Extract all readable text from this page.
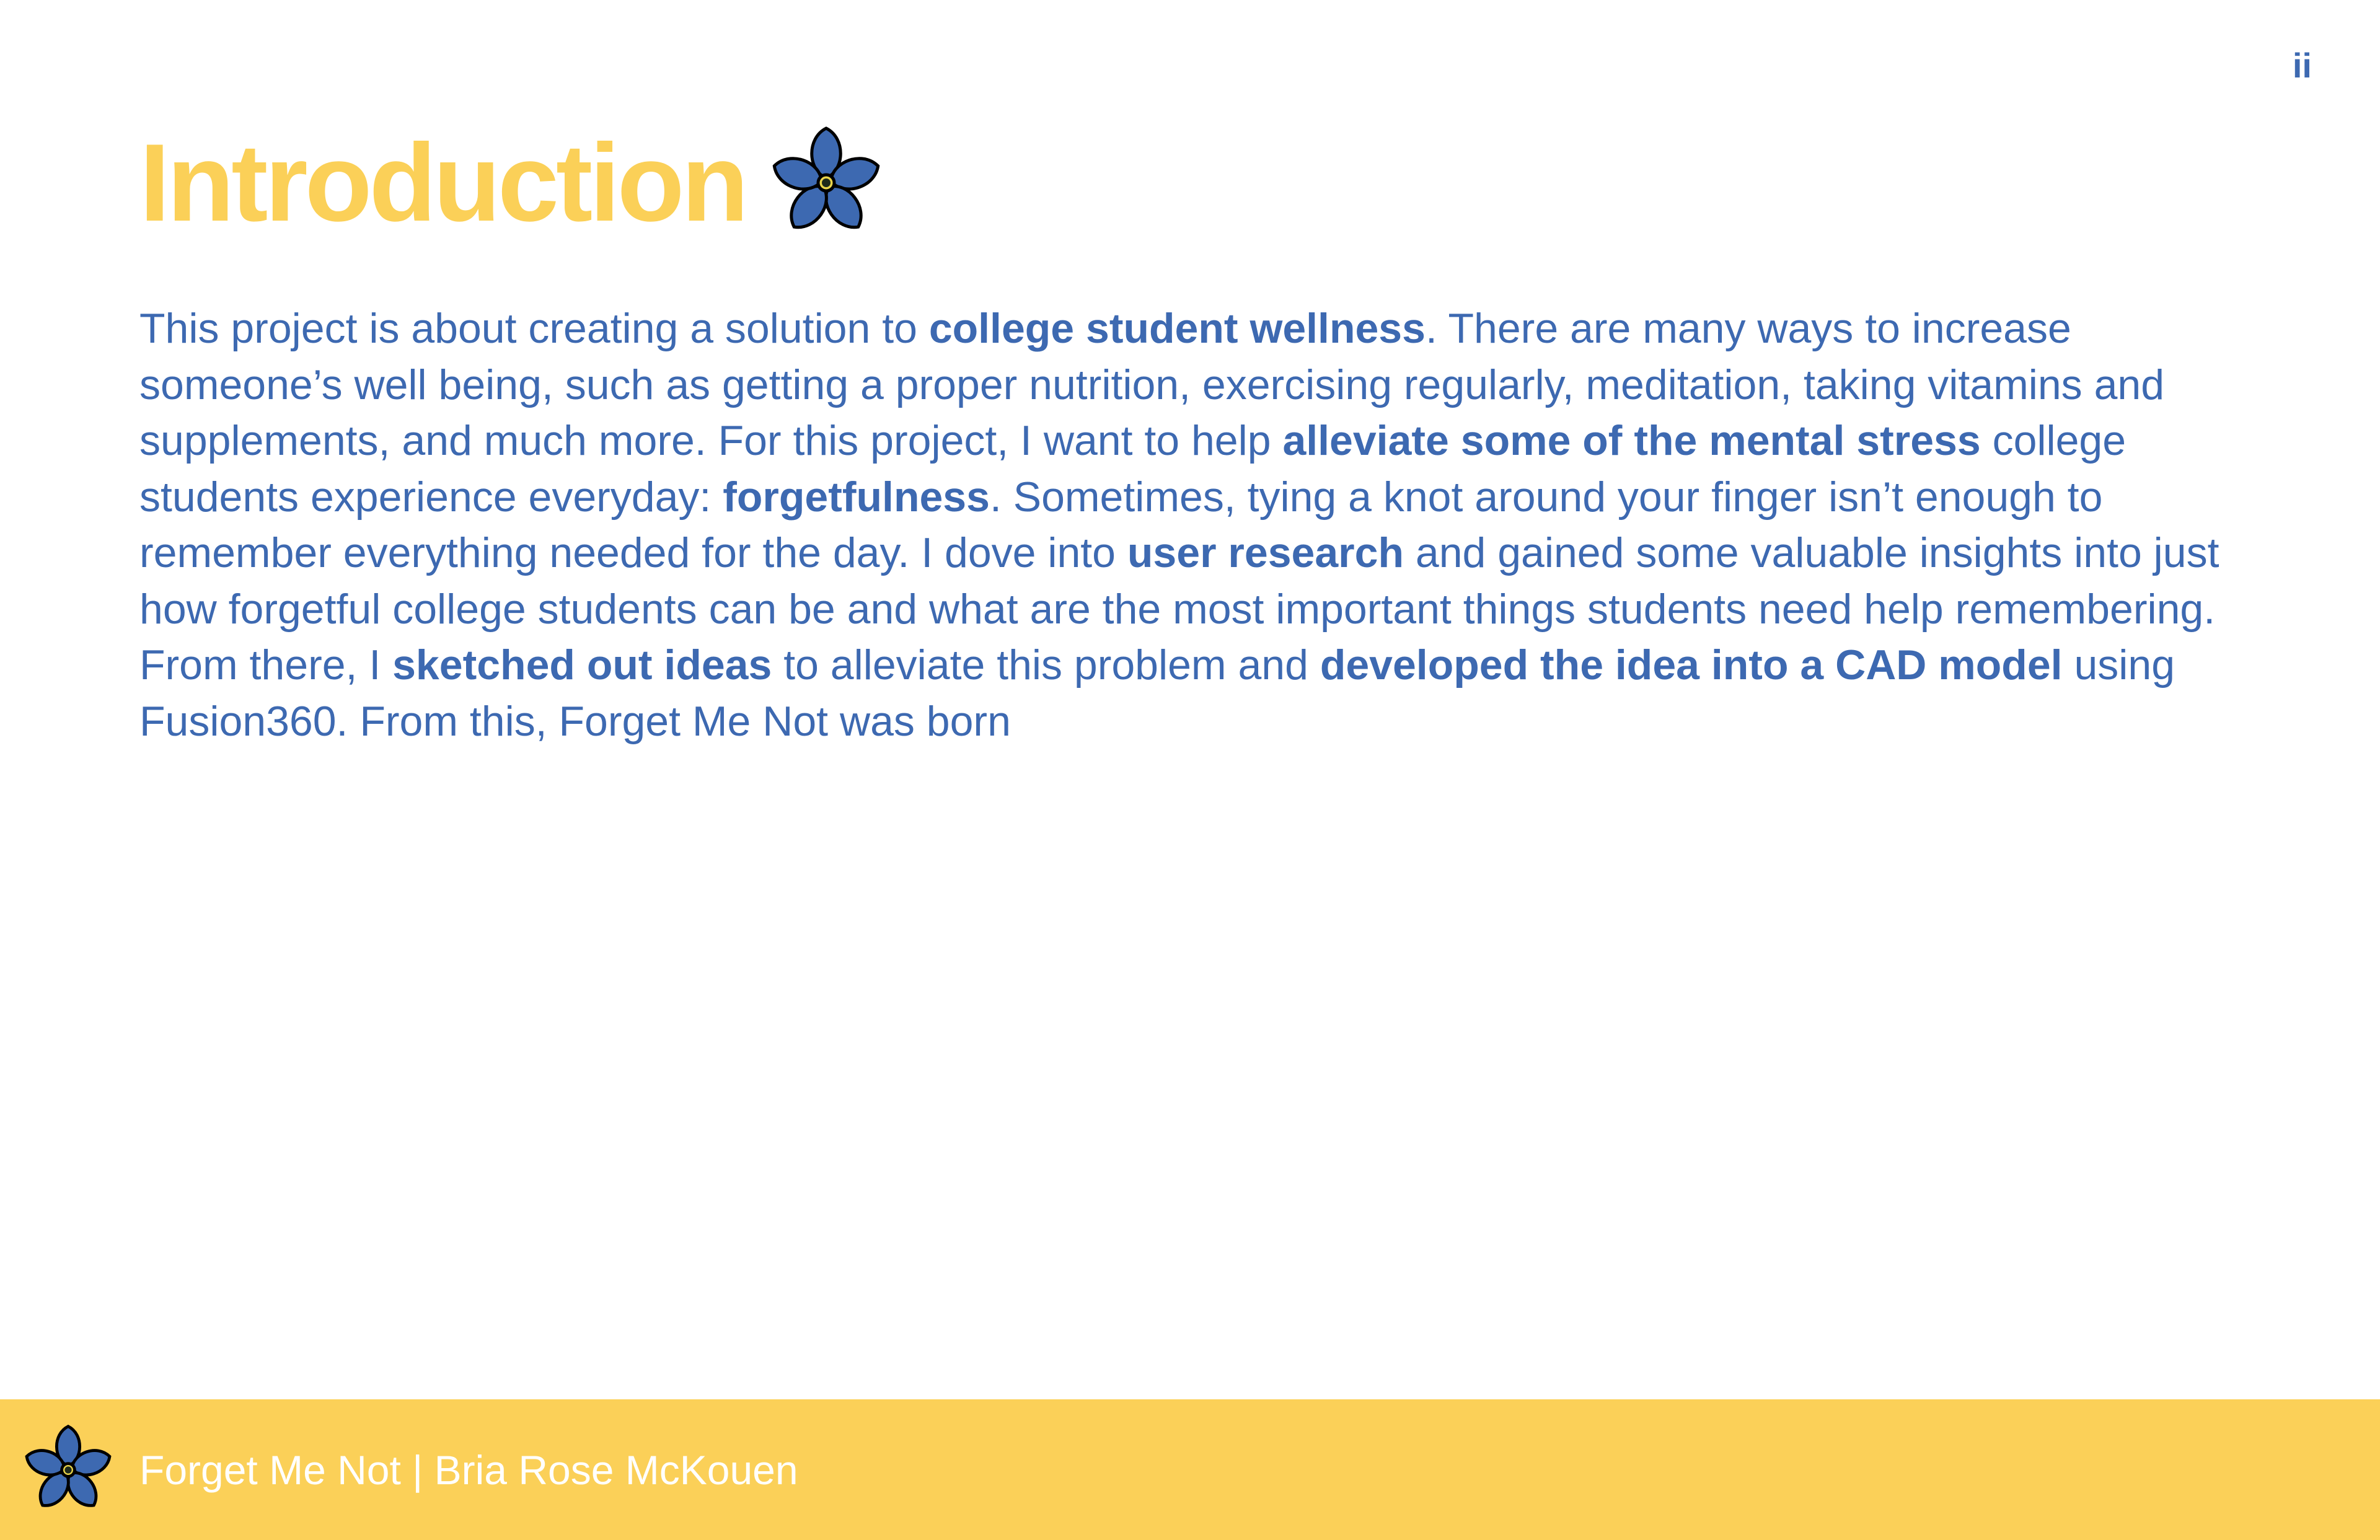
ii
Introduction

This project is about creating a solution to college student wellness. There are many ways to increase someone’s well being, such as getting a proper nutrition, exercising regularly, meditation, taking vitamins and supplements, and much more. For this project, I want to help alleviate some of the mental stress college students experience everyday: forgetfulness. Sometimes, tying a knot around your finger isn’t enough to remember everything needed for the day. I dove into user research and gained some valuable insights into just how forgetful college students can be and what are the most important things students need help remembering. From there, I sketched out ideas to alleviate this problem and developed the idea into a CAD model using Fusion360. From this, Forget Me Not was born

Forget Me Not | Bria Rose McKouen
